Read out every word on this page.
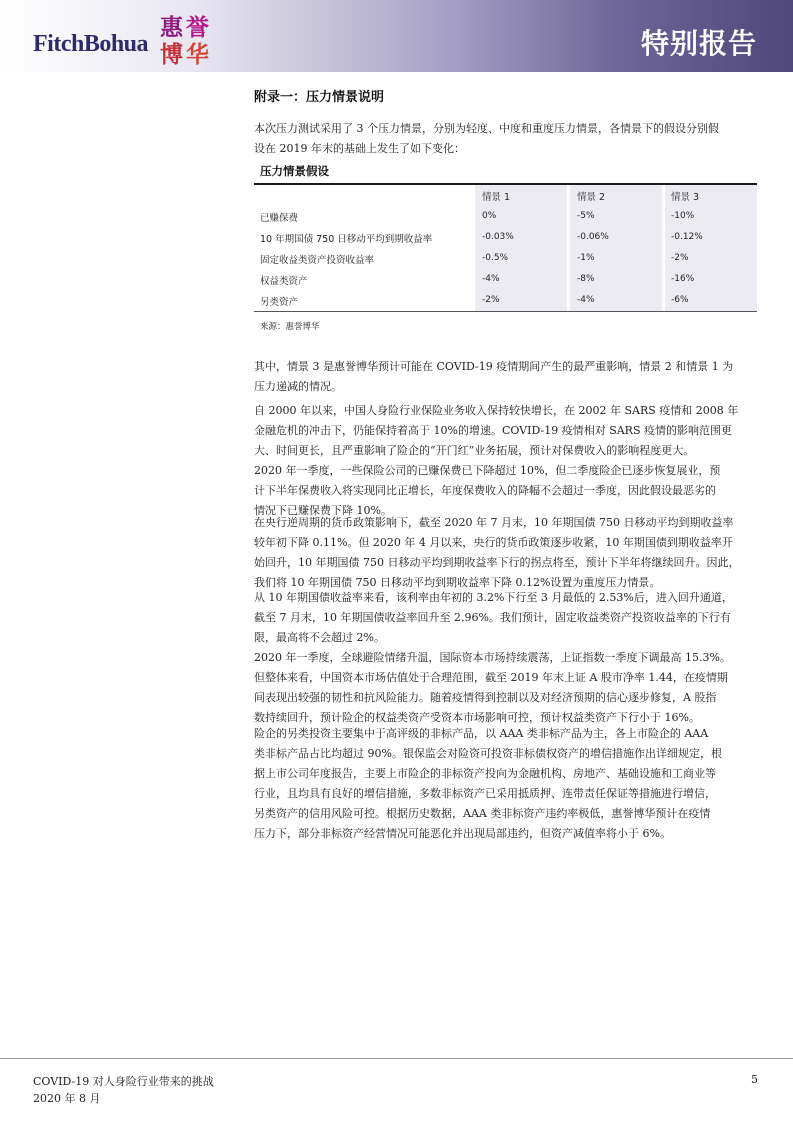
FitchBohua
惠 誉
博 华	特别报告
附录一：压力情景说明
本次压力测试采用了 3 个压力情景，分别为轻度、中度和重度压力情景，各情景下的假设分别假
设在 2019 年末的基础上发生了如下变化：
压力情景假设
情景 1	情景 2	情景 3
已赚保费	0%	-5%	-10%
10 年期国债 750 日移动平均到期收益率	-0.03%	-0.06%	-0.12%
固定收益类资产投资收益率	-0.5%	-1%	-2%
权益类资产	-4%	-8%	-16%
另类资产	-2%	-4%	-6%
来源：惠誉博华
其中，情景 3 是惠誉博华预计可能在 COVID-19 疫情期间产生的最严重影响，情景 2 和情景 1 为
压力递减的情况。
自 2000 年以来，中国人身险行业保险业务收入保持较快增长，在 2002 年 SARS 疫情和 2008 年
金融危机的冲击下，仍能保持着高于 10%的增速。COVID-19 疫情相对 SARS 疫情的影响范围更
大、时间更长，且严重影响了险企的“开门红”业务拓展，预计对保费收入的影响程度更大。
2020 年一季度，一些保险公司的已赚保费已下降超过 10%，但二季度险企已逐步恢复展业，预
计下半年保费收入将实现同比正增长，年度保费收入的降幅不会超过一季度，因此假设最恶劣的
情况下已赚保费下降 10%。
在央行逆周期的货币政策影响下，截至 2020 年 7 月末，10 年期国债 750 日移动平均到期收益率
较年初下降 0.11%。但 2020 年 4 月以来，央行的货币政策逐步收紧，10 年期国债到期收益率开
始回升，10 年期国债 750 日移动平均到期收益率下行的拐点将至，预计下半年将继续回升。因此，
我们将 10 年期国债 750 日移动平均到期收益率下降 0.12%设置为重度压力情景。
从 10 年期国债收益率来看，该利率由年初的 3.2%下行至 3 月最低的 2.53%后，进入回升通道，
截至 7 月末，10 年期国债收益率回升至 2.96%。我们预计，固定收益类资产投资收益率的下行有
限，最高将不会超过 2%。
2020 年一季度，全球避险情绪升温，国际资本市场持续震荡，上证指数一季度下调最高 15.3%。
但整体来看，中国资本市场估值处于合理范围，截至 2019 年末上证 A 股市净率 1.44，在疫情期
间表现出较强的韧性和抗风险能力。随着疫情得到控制以及对经济预期的信心逐步修复，A 股指
数持续回升，预计险企的权益类资产受资本市场影响可控，预计权益类资产下行小于 16%。
险企的另类投资主要集中于高评级的非标产品，以 AAA 类非标产品为主，各上市险企的 AAA
类非标产品占比均超过 90%。银保监会对险资可投资非标债权资产的增信措施作出详细规定，根
据上市公司年度报告，主要上市险企的非标资产投向为金融机构、房地产、基础设施和工商业等
行业，且均具有良好的增信措施，多数非标资产已采用抵质押、连带责任保证等措施进行增信，
另类资产的信用风险可控。根据历史数据，AAA 类非标资产违约率极低，惠誉博华预计在疫情
压力下，部分非标资产经营情况可能恶化并出现局部违约，但资产减值率将小于 6%。
COVID-19 对人身险行业带来的挑战
2020 年 8 月
5
